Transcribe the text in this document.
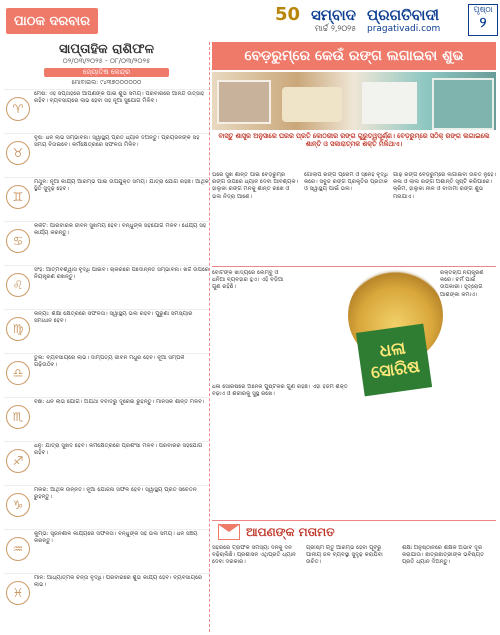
ପାଠକ ଦରବାର	50 ସମ୍ବାଦ ପ୍ରଗତିବାଦୀ
ମାର୍ଚ୍ଚ ୨,୨୦୨୫ pragativadi.com
ପୃଷ୍ଠା
୨
ସାପ୍ତାହିକ ରାଶିଫଳ
୦୨/୦୩/୨୦୨୫ - ୦୮/୦୩/୨୦୨୫
ଜ୍ୟୋତିଷ କେନ୍ଦ୍ର
ମୋବାଇଲ: ୯୪୩୭୦୦୦୦୦୦
♈
ମେଷ: ଏହି ସପ୍ତାହରେ ଆପଣଙ୍କ ପାଇଁ ଶୁଭ ସମୟ। ପରିବାରରେ ଆନନ୍ଦ ଉତ୍ସାହ ରହିବ। ବ୍ୟବସାୟରେ ଲାଭ ହେବା ସହ ନୂଆ ସୁଯୋଗ ମିଳିବ।
♉
ବୃଷ: ଧନ ଲାଭ ସମ୍ଭାବନା। ସ୍ୱାସ୍ଥ୍ୟ ପ୍ରତି ଧ୍ୟାନ ଦିଅନ୍ତୁ। ପ୍ରିୟଜନଙ୍କ ସହ ସମୟ ବିତାଇବେ। କର୍ମକ୍ଷେତ୍ରରେ ସଫଳତା ମିଳିବ।
♊
ମିଥୁନ: ନୂଆ କାର୍ଯ୍ୟ ଆରମ୍ଭ ପାଇଁ ଉପଯୁକ୍ତ ସମୟ। ଯାତ୍ରା ଯୋଗ ରହିଛି। ଆର୍ଥିକ ସ୍ଥିତି ସୁଦୃଢ଼ ହେବ।
♋
କର୍କଟ: ପାରିବାରିକ ଜୀବନ ସୁଖମୟ ହେବ। ବନ୍ଧୁଙ୍କ ସହଯୋଗ ମିଳିବ। ଧୈର୍ଯ୍ୟ ସହ କାର୍ଯ୍ୟ କରନ୍ତୁ।
♌
ସିଂହ: ଆତ୍ମବିଶ୍ୱାସ ବୃଦ୍ଧି ପାଇବ। ଚାକିରିରେ ପଦୋନ୍ନତି ସମ୍ଭାବନା। ଖର୍ଚ୍ଚ ଉପରେ ନିୟନ୍ତ୍ରଣ ରଖନ୍ତୁ।
♍
କନ୍ୟା: ଶିକ୍ଷା କ୍ଷେତ୍ରରେ ସଫଳତା। ସ୍ୱାସ୍ଥ୍ୟ ଭଲ ରହିବ। ପୁରୁଣା ସମସ୍ୟାର ସମାଧାନ ହେବ।
♎
ତୁଳା: ବ୍ୟବସାୟରେ ଲାଭ। ଦାମ୍ପତ୍ୟ ଜୀବନ ମଧୁର ହେବ। ନୂଆ ସମ୍ପର୍କ ଗଢ଼ିଉଠିବ।
♏
ବିଛା: ଧନ ଲାଭ ଯୋଗ। ଅଯଥା ବିବାଦରୁ ଦୂରେଇ ରୁହନ୍ତୁ। ମାନସିକ ଶାନ୍ତି ମିଳିବ।
♐
ଧନୁ: ଯାତ୍ରା ସୁଖଦ ହେବ। କର୍ମକ୍ଷେତ୍ରରେ ପ୍ରଶଂସା ମିଳିବ। ପରିବାରର ସହଯୋଗ ରହିବ।
♑
ମକର: ଆର୍ଥିକ ଉନ୍ନତି। ନୂଆ ଯୋଜନା ସଫଳ ହେବ। ସ୍ୱାସ୍ଥ୍ୟ ପ୍ରତି ସଚେତନ ରୁହନ୍ତୁ।
♒
କୁମ୍ଭ: ସୃଜନଶୀଳ କାର୍ଯ୍ୟରେ ସଫଳତା। ବନ୍ଧୁଙ୍କ ସହ ଭଲ ସମୟ। ଧନ ସଞ୍ଚୟ କରନ୍ତୁ।
♓
ମୀନ: ଆଧ୍ୟାତ୍ମିକ ଚିନ୍ତା ବୃଦ୍ଧି। ପରିବାରରେ ଶୁଭ କାର୍ଯ୍ୟ ହେବ। ବ୍ୟବସାୟରେ ଲାଭ।
ବେଡ଼ରୁମ୍‌ରେ କେଉଁ ରଙ୍ଗ ଲଗାଇବା ଶୁଭ
ବାସ୍ତୁ ଶାସ୍ତ୍ର ଅନୁସାରେ ଘରର ପ୍ରତି କୋଠରୀର ରଙ୍ଗ ଗୁରୁତ୍ୱପୂର୍ଣ୍ଣ। ବେଡ଼ରୁମ୍‌ରେ ସଠିକ୍ ରଙ୍ଗ ଲଗାଇଲେ ଶାନ୍ତି ଓ ସକାରାତ୍ମକ ଶକ୍ତି ମିଳିଥାଏ।
ଘରେ ସୁଖ ଶାନ୍ତି ପାଇଁ ବେଡ଼ରୁମ୍‌ର ରଙ୍ଗ ଉପରେ ଧ୍ୟାନ ଦେବା ଆବଶ୍ୟକ। ହାଲୁକା ରଙ୍ଗ ମନକୁ ଶାନ୍ତ ରଖେ ଓ ଭଲ ନିଦ୍ରା ଆଣେ।
ଗୋଲାପି ରଙ୍ଗ ପ୍ରେମ ଓ ସ୍ନେହ ବୃଦ୍ଧି କରେ। ସବୁଜ ରଙ୍ଗ ପ୍ରକୃତିର ପ୍ରତୀକ ଓ ସ୍ୱାସ୍ଥ୍ୟ ପାଇଁ ଭଲ।
ଗାଢ଼ ରଙ୍ଗ ବେଡ଼ରୁମ୍‌ରେ ଲଗାଇବା ଉଚିତ ନୁହେଁ। କଳା ଓ ଲାଲ ରଙ୍ଗ ଅଶାନ୍ତି ସୃଷ୍ଟି କରିପାରେ। କ୍ରିମ, ହାଲୁକା ନୀଳ ଓ ବାଦାମୀ ରଙ୍ଗ ଶୁଭ ମନାଯାଏ।
ବୋଟିଙ୍କ ଖାଦ୍ୟରେ ଲେମ୍ବୁ ଓ ଧନିଆ ବ୍ୟବହାର ହୁଏ। ଏହି ବଡ଼ିଆ ଗୁଣ ରହିଛି।
ଧଳା
ସୋରିଷ
ଧଳା ସୋରିଷରେ ଅନେକ ପୁଷ୍ଟିକର ଗୁଣ ରହିଛି। ଏହା ହଜମ ଶକ୍ତି ବଢ଼ାଏ ଓ ଶରୀରକୁ ସୁସ୍ଥ ରଖେ।
ରକ୍ତଚାପ ନିୟନ୍ତ୍ରଣ କରେ। ଚର୍ମ ପାଇଁ ଉପକାରୀ। ହୃଦ୍‌ରୋଗ ଆଶଙ୍କା କମାଏ।
ଆପଣଙ୍କ ମତାମତ
ସହରରେ ଟ୍ରାଫିକ ସମସ୍ୟା ଦିନକୁ ଦିନ ବଢ଼ିଚାଲିଛି। ପ୍ରଶାସନ ଏଥିପ୍ରତି ଧ୍ୟାନ ଦେବା ଦରକାର।
ଗ୍ରୀଷ୍ମ ଋତୁ ଆରମ୍ଭ ହେବା ପୂର୍ବରୁ ପାନୀୟ ଜଳ ବ୍ୟବସ୍ଥା ସୁଦୃଢ଼ କରାଯିବା ଉଚିତ।
ଶିକ୍ଷା ଅନୁଷ୍ଠାନରେ ଶିକ୍ଷକ ଅଭାବ ଦୂର କରାଯାଉ। ଛାତ୍ରଛାତ୍ରୀଙ୍କ ଭବିଷ୍ୟତ ପ୍ରତି ଧ୍ୟାନ ଦିଅନ୍ତୁ।
